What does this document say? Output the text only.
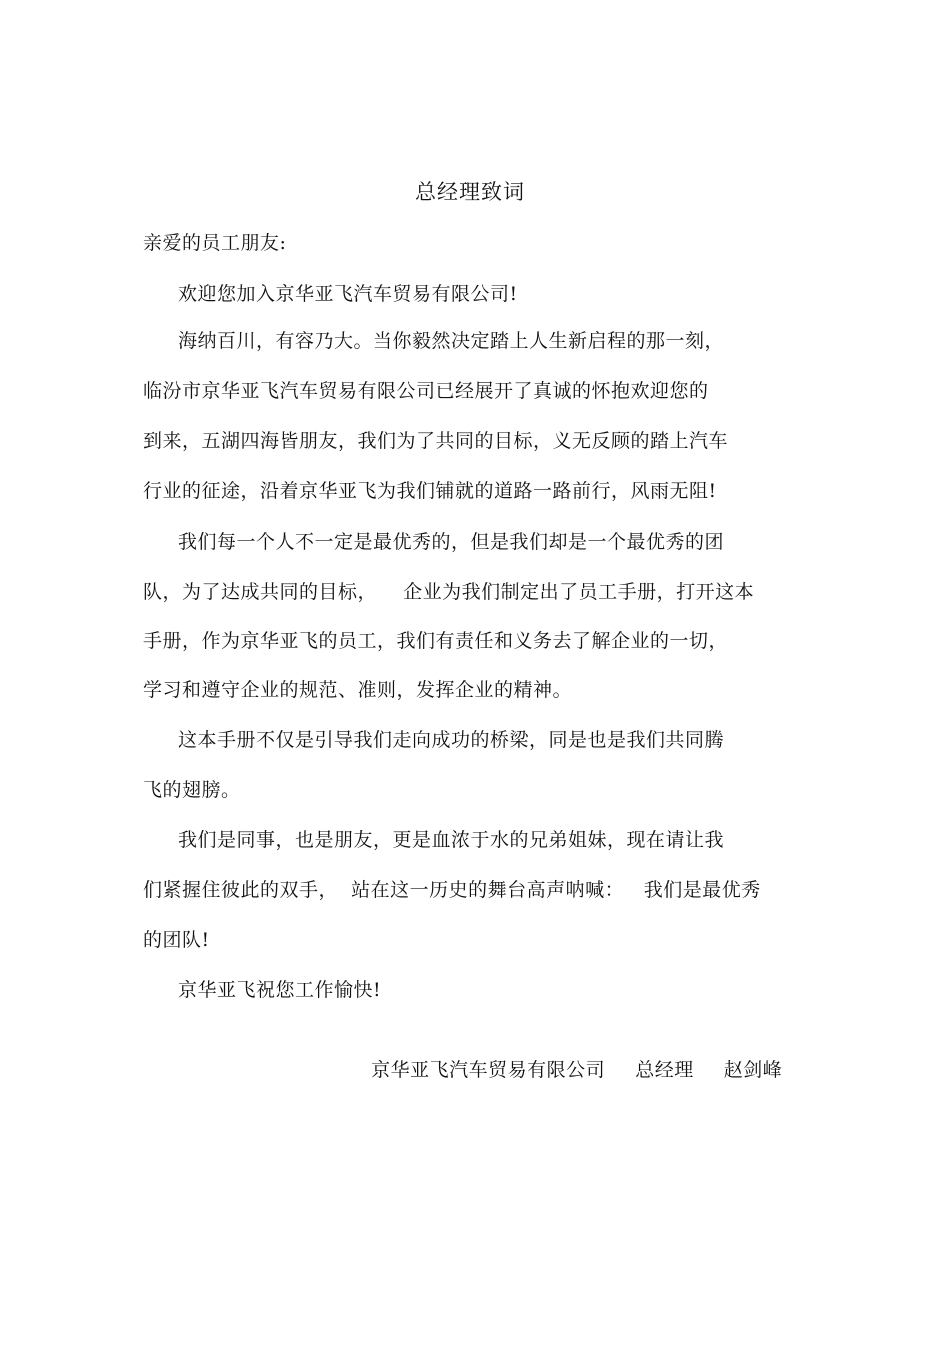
总经理致词
亲爱的员工朋友:
欢迎您加入京华亚飞汽车贸易有限公司!
海纳百川，有容乃大。当你毅然决定踏上人生新启程的那一刻，
临汾市京华亚飞汽车贸易有限公司已经展开了真诚的怀抱欢迎您的
到来，五湖四海皆朋友，我们为了共同的目标，义无反顾的踏上汽车
行业的征途，沿着京华亚飞为我们铺就的道路一路前行，风雨无阻!
我们每一个人不一定是最优秀的，但是我们却是一个最优秀的团
队，为了达成共同的目标，    企业为我们制定出了员工手册，打开这本
手册，作为京华亚飞的员工，我们有责任和义务去了解企业的一切，
学习和遵守企业的规范、准则，发挥企业的精神。
这本手册不仅是引导我们走向成功的桥梁，同是也是我们共同腾
飞的翅膀。
我们是同事，也是朋友，更是血浓于水的兄弟姐妹，现在请让我
们紧握住彼此的双手，  站在这一历史的舞台高声呐喊：   我们是最优秀
的团队!
京华亚飞祝您工作愉快!

京华亚飞汽车贸易有限公司 总经理 赵剑峰
